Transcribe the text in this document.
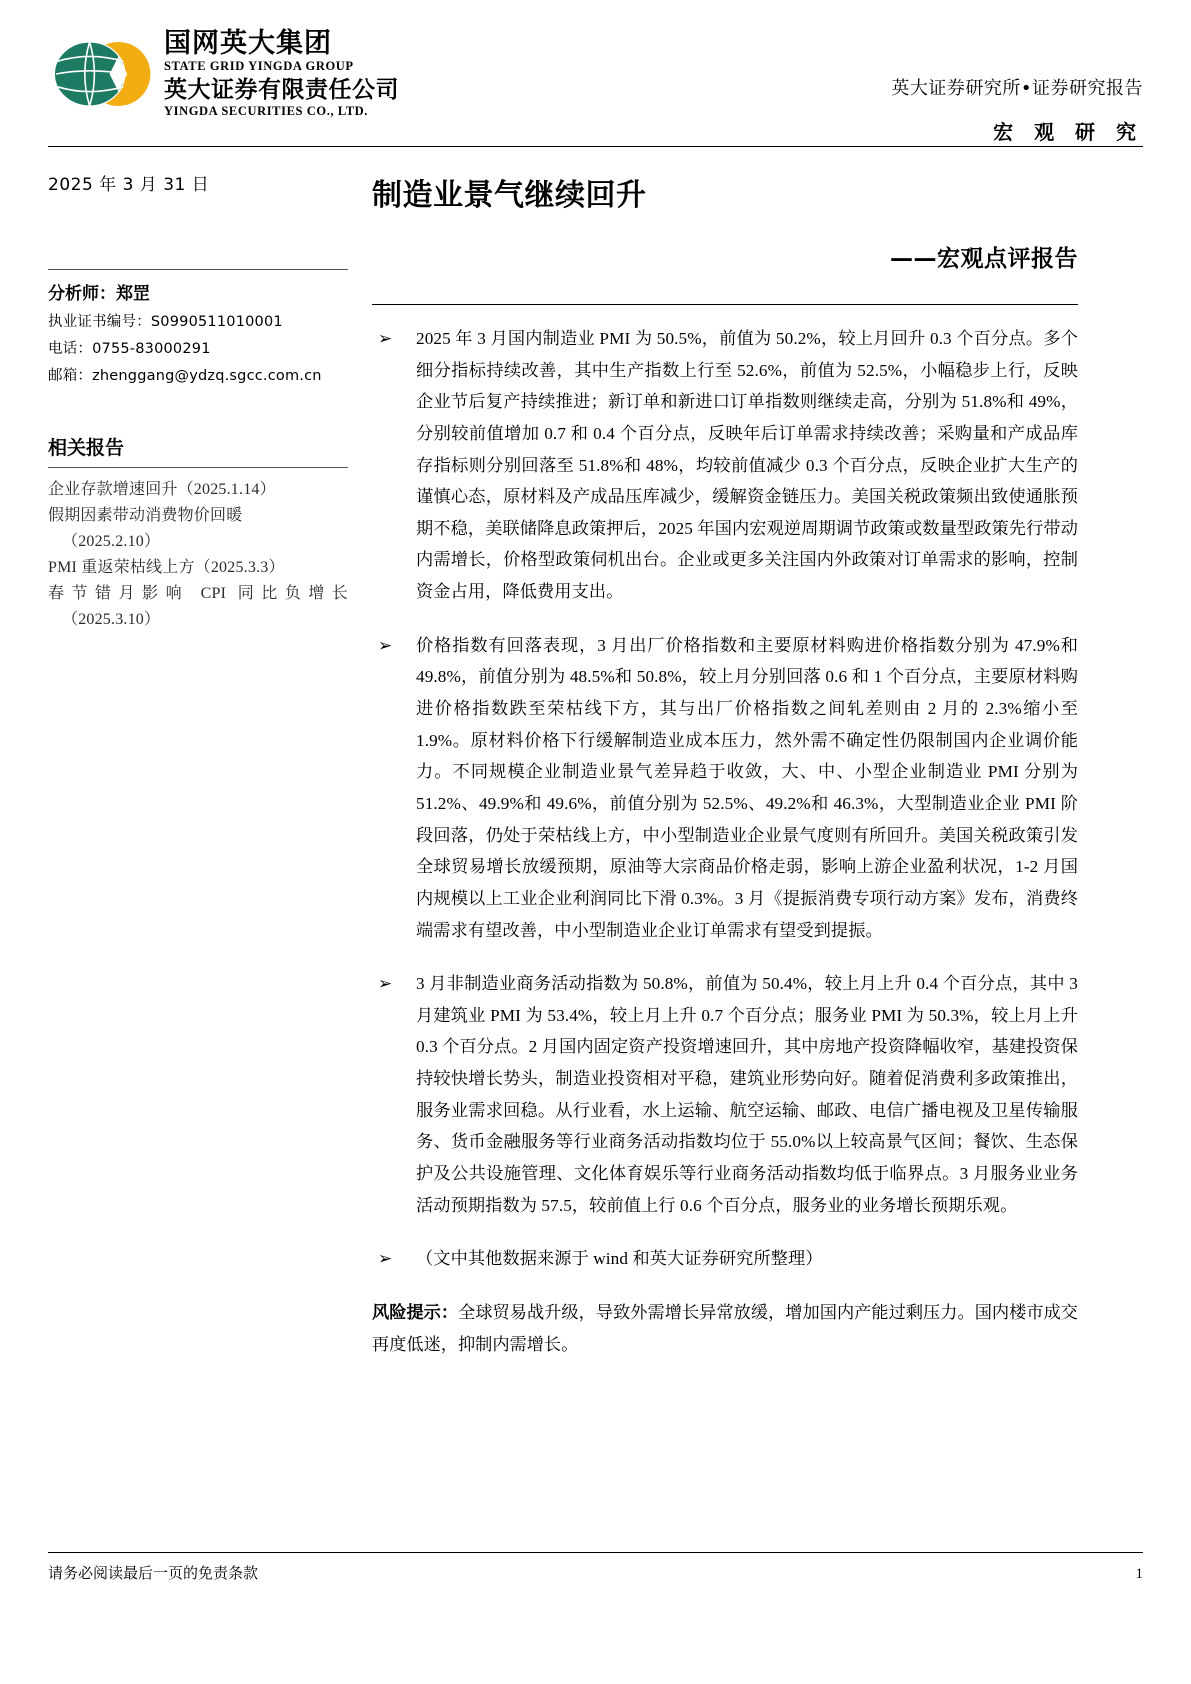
国网英大集团
STATE GRID YINGDA GROUP
英大证券有限责任公司
YINGDA SECURITIES CO., LTD.
英大证券研究所•证券研究报告
宏 观 研 究
2025 年 3 月 31 日
分析师：郑罡
执业证书编号：S0990511010001
电话：0755-83000291
邮箱：zhenggang@ydzq.sgcc.com.cn
相关报告
企业存款增速回升（2025.1.14）
假期因素带动消费物价回暖
（2025.2.10）
PMI 重返荣枯线上方（2025.3.3）
春节错月影响 CPI 同比负增长
（2025.3.10）
制造业景气继续回升
——宏观点评报告
➢	2025 年 3 月国内制造业 PMI 为 50.5%，前值为 50.2%，较上月回升 0.3 个百分点。多个细分指标持续改善，其中生产指数上行至 52.6%，前值为 52.5%，小幅稳步上行，反映企业节后复产持续推进；新订单和新进口订单指数则继续走高，分别为 51.8%和 49%，分别较前值增加 0.7 和 0.4 个百分点，反映年后订单需求持续改善；采购量和产成品库存指标则分别回落至 51.8%和 48%，均较前值减少 0.3 个百分点，反映企业扩大生产的谨慎心态，原材料及产成品压库减少，缓解资金链压力。美国关税政策频出致使通胀预期不稳，美联储降息政策押后，2025 年国内宏观逆周期调节政策或数量型政策先行带动内需增长，价格型政策伺机出台。企业或更多关注国内外政策对订单需求的影响，控制资金占用，降低费用支出。
➢	价格指数有回落表现，3 月出厂价格指数和主要原材料购进价格指数分别为 47.9%和 49.8%，前值分别为 48.5%和 50.8%，较上月分别回落 0.6 和 1 个百分点，主要原材料购进价格指数跌至荣枯线下方，其与出厂价格指数之间轧差则由 2 月的 2.3%缩小至 1.9%。原材料价格下行缓解制造业成本压力，然外需不确定性仍限制国内企业调价能力。不同规模企业制造业景气差异趋于收敛，大、中、小型企业制造业 PMI 分别为 51.2%、49.9%和 49.6%，前值分别为 52.5%、49.2%和 46.3%，大型制造业企业 PMI 阶段回落，仍处于荣枯线上方，中小型制造业企业景气度则有所回升。美国关税政策引发全球贸易增长放缓预期，原油等大宗商品价格走弱，影响上游企业盈利状况，1-2 月国内规模以上工业企业利润同比下滑 0.3%。3 月《提振消费专项行动方案》发布，消费终端需求有望改善，中小型制造业企业订单需求有望受到提振。
➢	3 月非制造业商务活动指数为 50.8%，前值为 50.4%，较上月上升 0.4 个百分点，其中 3 月建筑业 PMI 为 53.4%，较上月上升 0.7 个百分点；服务业 PMI 为 50.3%，较上月上升 0.3 个百分点。2 月国内固定资产投资增速回升，其中房地产投资降幅收窄，基建投资保持较快增长势头，制造业投资相对平稳，建筑业形势向好。随着促消费利多政策推出，服务业需求回稳。从行业看，水上运输、航空运输、邮政、电信广播电视及卫星传输服务、货币金融服务等行业商务活动指数均位于 55.0%以上较高景气区间；餐饮、生态保护及公共设施管理、文化体育娱乐等行业商务活动指数均低于临界点。3 月服务业业务活动预期指数为 57.5，较前值上行 0.6 个百分点，服务业的业务增长预期乐观。
➢	（文中其他数据来源于 wind 和英大证券研究所整理）
风险提示：全球贸易战升级，导致外需增长异常放缓，增加国内产能过剩压力。国内楼市成交再度低迷，抑制内需增长。
请务必阅读最后一页的免责条款	1
